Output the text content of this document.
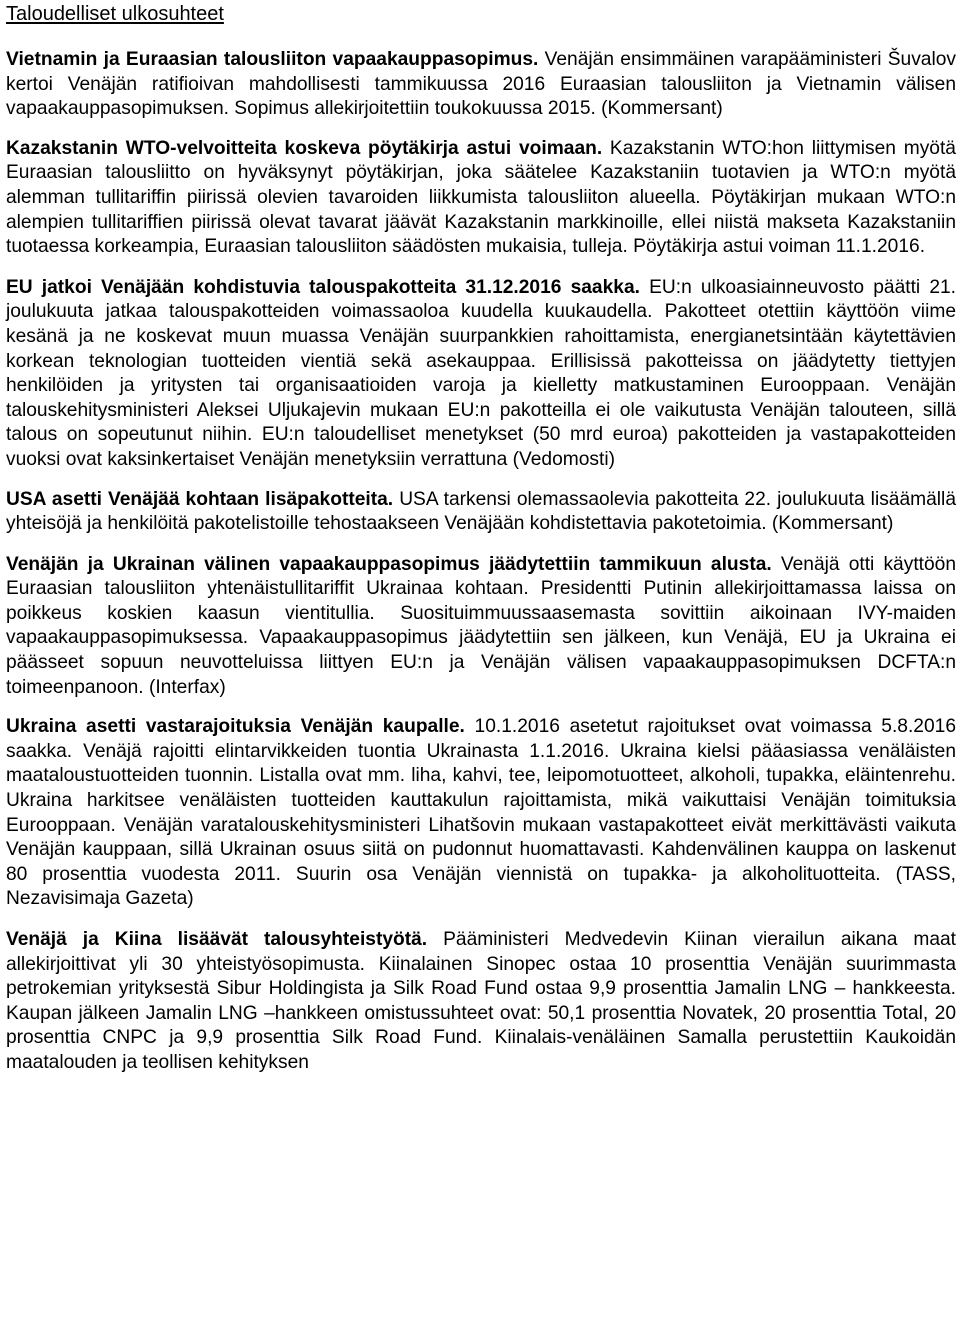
Taloudelliset ulkosuhteet

Vietnamin ja Euraasian talousliiton vapaakauppasopimus. Venäjän ensimmäinen varapääministeri Šuvalov kertoi Venäjän ratifioivan mahdollisesti tammikuussa 2016 Euraasian talousliiton ja Vietnamin välisen vapaakauppasopimuksen. Sopimus allekirjoitettiin toukokuussa 2015. (Kommersant)

Kazakstanin WTO-velvoitteita koskeva pöytäkirja astui voimaan. Kazakstanin WTO:hon liittymisen myötä Euraasian talousliitto on hyväksynyt pöytäkirjan, joka säätelee Kazakstaniin tuotavien ja WTO:n myötä alemman tullitariffin piirissä olevien tavaroiden liikkumista talousliiton alueella. Pöytäkirjan mukaan WTO:n alempien tullitariffien piirissä olevat tavarat jäävät Kazakstanin markkinoille, ellei niistä makseta Kazakstaniin tuotaessa korkeampia, Euraasian talousliiton säädösten mukaisia, tulleja. Pöytäkirja astui voiman 11.1.2016.

EU jatkoi Venäjään kohdistuvia talouspakotteita 31.12.2016 saakka. EU:n ulkoasiainneuvosto päätti 21. joulukuuta jatkaa talouspakotteiden voimassaoloa kuudella kuukaudella. Pakotteet otettiin käyttöön viime kesänä ja ne koskevat muun muassa Venäjän suurpankkien rahoittamista, energianetsintään käytettävien korkean teknologian tuotteiden vientiä sekä asekauppaa. Erillisissä pakotteissa on jäädytetty tiettyjen henkilöiden ja yritysten tai organisaatioiden varoja ja kielletty matkustaminen Eurooppaan. Venäjän talouskehitysministeri Aleksei Uljukajevin mukaan EU:n pakotteilla ei ole vaikutusta Venäjän talouteen, sillä talous on sopeutunut niihin. EU:n taloudelliset menetykset (50 mrd euroa) pakotteiden ja vastapakotteiden vuoksi ovat kaksinkertaiset Venäjän menetyksiin verrattuna (Vedomosti)

USA asetti Venäjää kohtaan lisäpakotteita. USA tarkensi olemassaolevia pakotteita 22. joulukuuta lisäämällä yhteisöjä ja henkilöitä pakotelistoille tehostaakseen Venäjään kohdistettavia pakotetoimia. (Kommersant)

Venäjän ja Ukrainan välinen vapaakauppasopimus jäädytettiin tammikuun alusta. Venäjä otti käyttöön Euraasian talousliiton yhtenäistullitariffit Ukrainaa kohtaan. Presidentti Putinin allekirjoittamassa laissa on poikkeus koskien kaasun vientitullia. Suosituimmuussaasemasta sovittiin aikoinaan IVY-maiden vapaakauppasopimuksessa. Vapaakauppasopimus jäädytettiin sen jälkeen, kun Venäjä, EU ja Ukraina ei päässeet sopuun neuvotteluissa liittyen EU:n ja Venäjän välisen vapaakauppasopimuksen DCFTA:n toimeenpanoon. (Interfax)

Ukraina asetti vastarajoituksia Venäjän kaupalle. 10.1.2016 asetetut rajoitukset ovat voimassa 5.8.2016 saakka. Venäjä rajoitti elintarvikkeiden tuontia Ukrainasta 1.1.2016. Ukraina kielsi pääasiassa venäläisten maataloustuotteiden tuonnin. Listalla ovat mm. liha, kahvi, tee, leipomotuotteet, alkoholi, tupakka, eläintenrehu. Ukraina harkitsee venäläisten tuotteiden kauttakulun rajoittamista, mikä vaikuttaisi Venäjän toimituksia Eurooppaan. Venäjän varatalouskehitysministeri Lihatšovin mukaan vastapakotteet eivät merkittävästi vaikuta Venäjän kauppaan, sillä Ukrainan osuus siitä on pudonnut huomattavasti. Kahdenvälinen kauppa on laskenut 80 prosenttia vuodesta 2011. Suurin osa Venäjän viennistä on tupakka- ja alkoholituotteita. (TASS, Nezavisimaja Gazeta)

Venäjä ja Kiina lisäävät talousyhteistyötä. Pääministeri Medvedevin Kiinan vierailun aikana maat allekirjoittivat yli 30 yhteistyösopimusta. Kiinalainen Sinopec ostaa 10 prosenttia Venäjän suurimmasta petrokemian yrityksestä Sibur Holdingista ja Silk Road Fund ostaa 9,9 prosenttia Jamalin LNG – hankkeesta. Kaupan jälkeen Jamalin LNG –hankkeen omistussuhteet ovat: 50,1 prosenttia Novatek, 20 prosenttia Total, 20 prosenttia CNPC ja 9,9 prosenttia Silk Road Fund. Kiinalais-venäläinen Samalla perustettiin Kaukoidän maatalouden ja teollisen kehityksen
